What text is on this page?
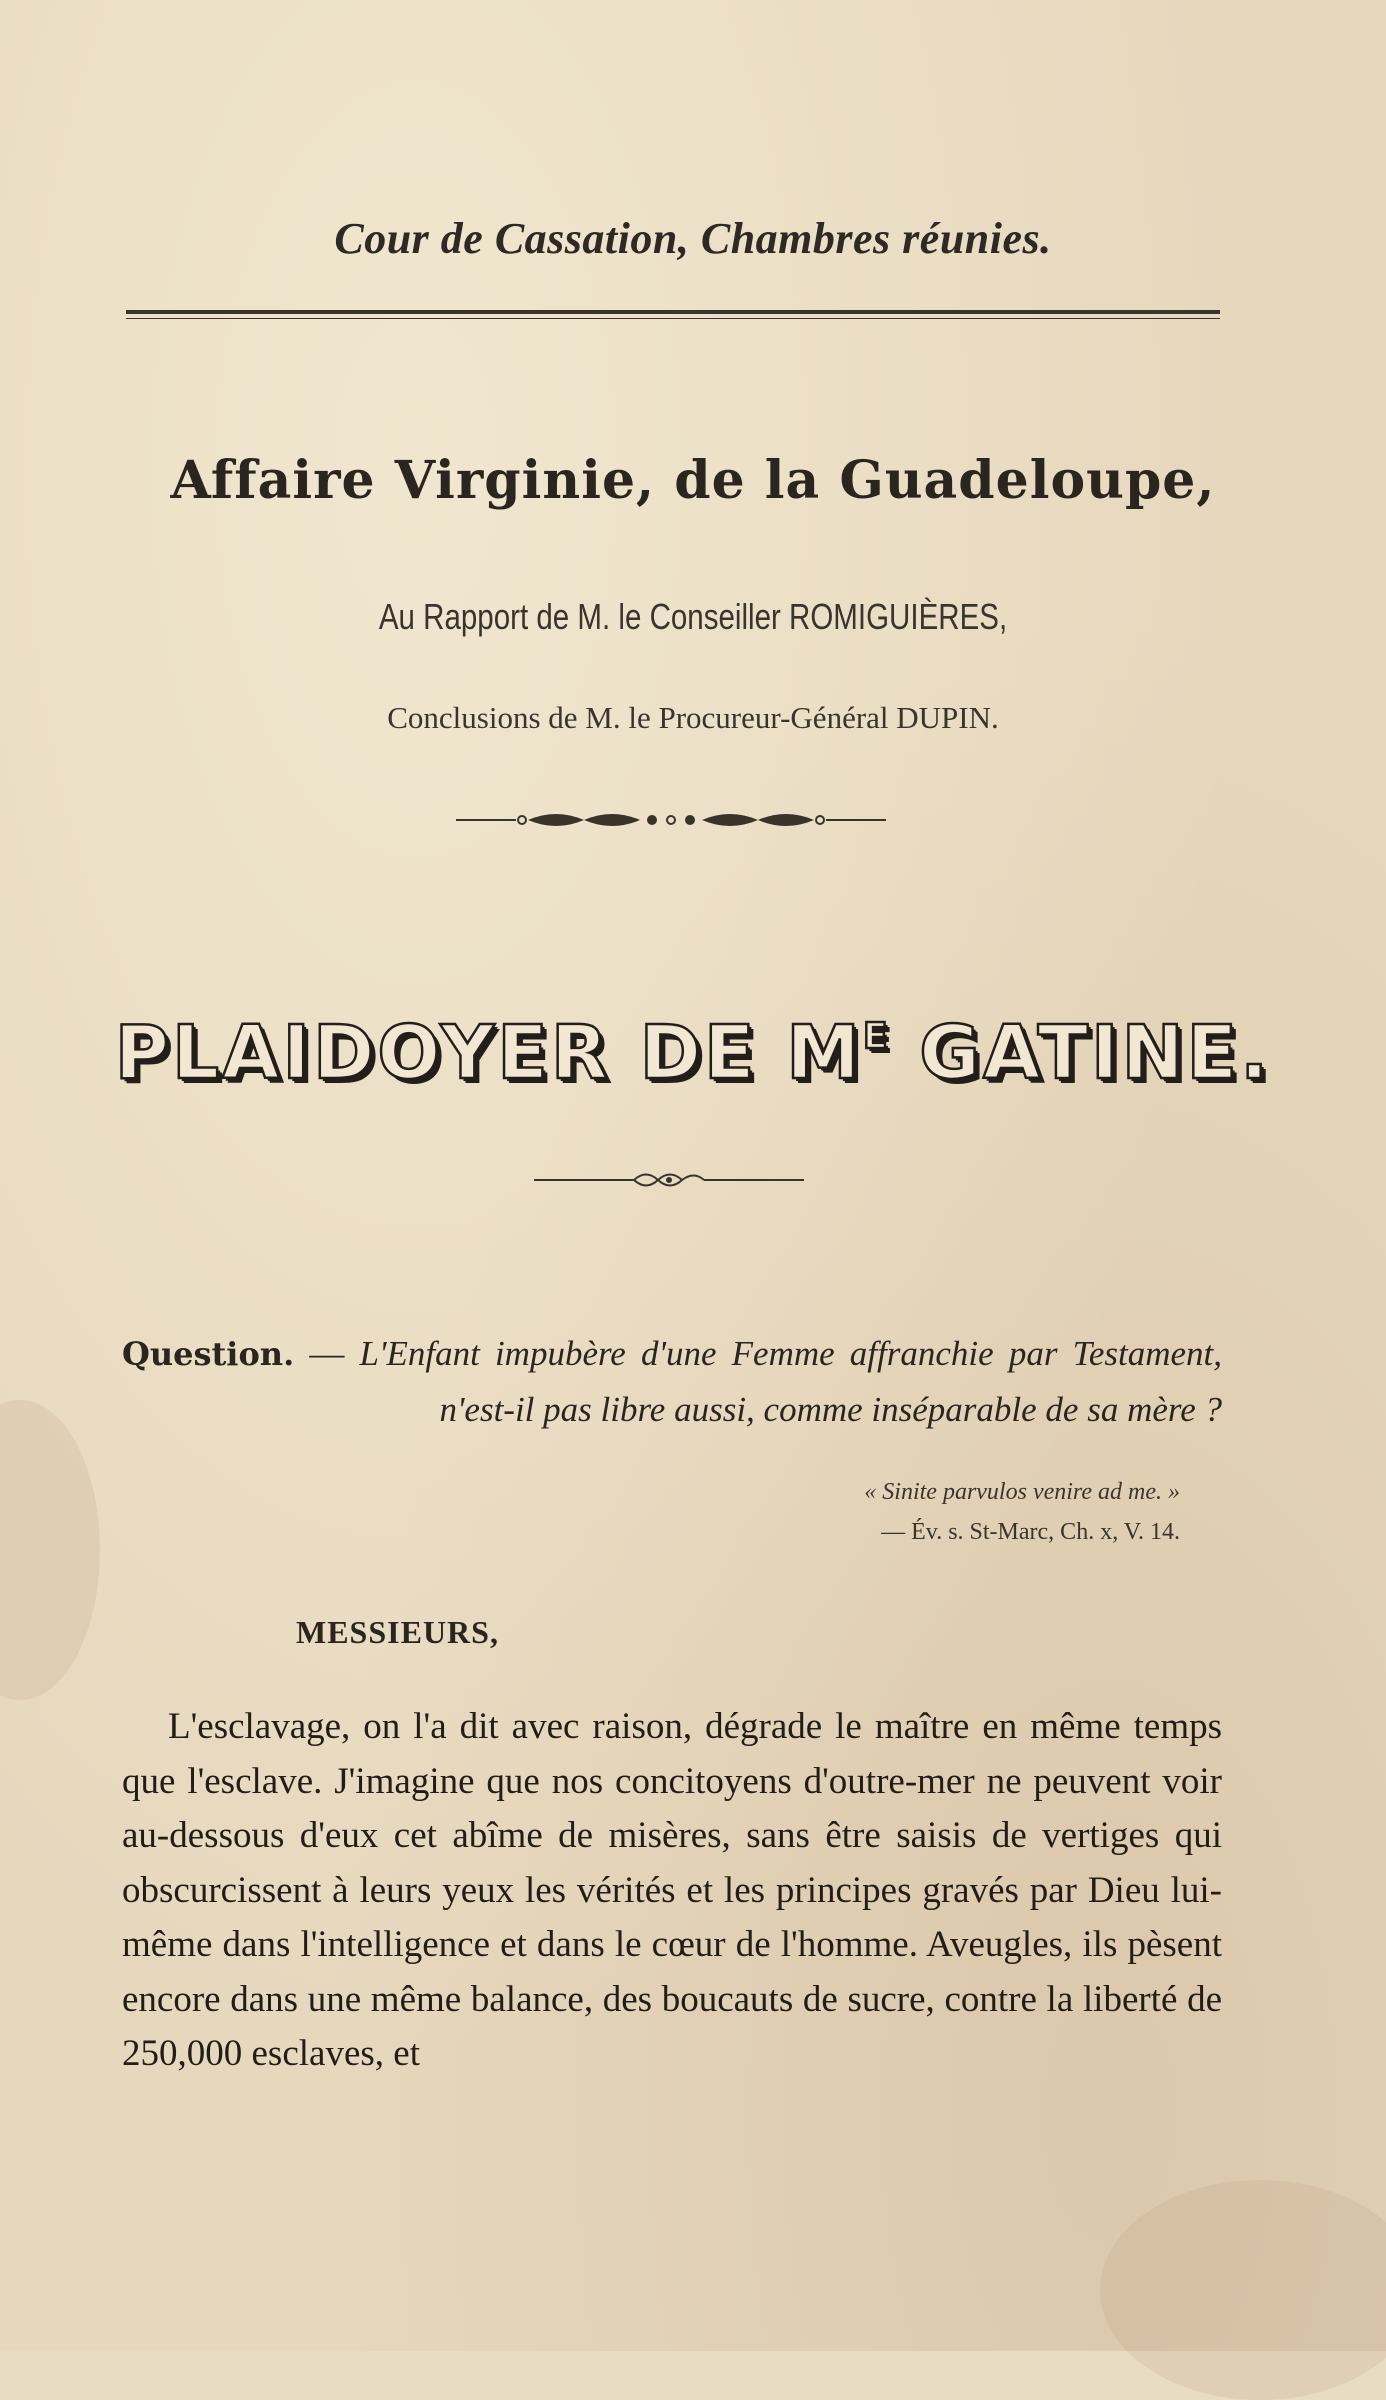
Cour de Cassation, Chambres réunies.
Affaire Virginie, de la Guadeloupe,
Au Rapport de M. le Conseiller ROMIGUIÈRES,
Conclusions de M. le Procureur-Général DUPIN.
PLAIDOYER DE $M^E$ GATINE.
Question. — L'Enfant impubère d'une Femme affranchie par Testament, n'est-il pas libre aussi, comme inséparable de sa mère ?
« Sinite parvulos venire ad me. »
— Év. s. St-Marc, Ch. x, V. 14.
MESSIEURS,
L'esclavage, on l'a dit avec raison, dégrade le maître en même temps que l'esclave. J'imagine que nos concitoyens d'outre-mer ne peuvent voir au-dessous d'eux cet abîme de misères, sans être saisis de vertiges qui obscurcissent à leurs yeux les vérités et les principes gravés par Dieu lui-même dans l'intelligence et dans le cœur de l'homme. Aveugles, ils pèsent encore dans une même balance, des boucauts de sucre, contre la liberté de 250,000 esclaves, et
